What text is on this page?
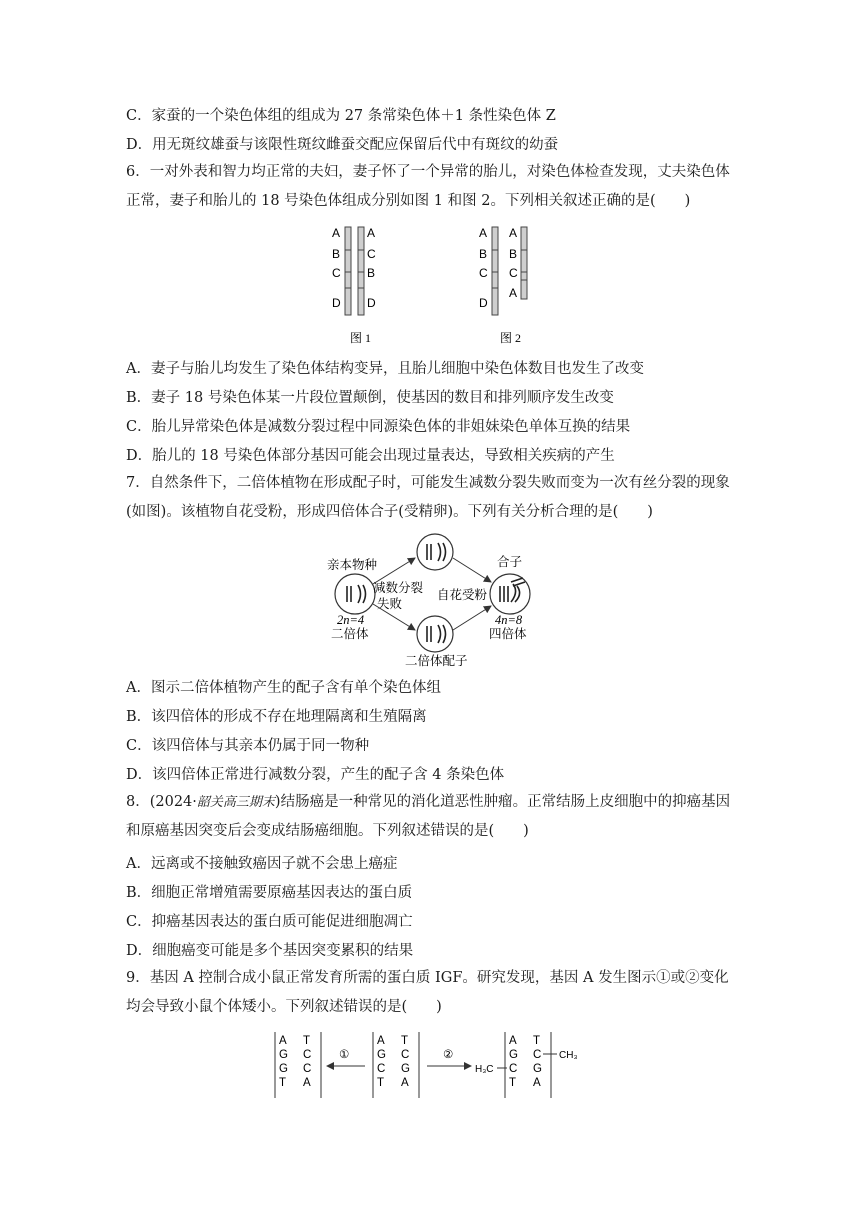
C．家蚕的一个染色体组的组成为 27 条常染色体＋1 条性染色体 Z
D．用无斑纹雄蚕与该限性斑纹雌蚕交配应保留后代中有斑纹的幼蚕
6．一对外表和智力均正常的夫妇，妻子怀了一个异常的胎儿，对染色体检查发现，丈夫染色体正常，妻子和胎儿的 18 号染色体组成分别如图 1 和图 2。下列相关叙述正确的是(　　)
A
B
C
D
A
C
B
D
图 1
A
B
C
D
A
B
C
A
图 2
A．妻子与胎儿均发生了染色体结构变异，且胎儿细胞中染色体数目也发生了改变
B．妻子 18 号染色体某一片段位置颠倒，使基因的数目和排列顺序发生改变
C．胎儿异常染色体是减数分裂过程中同源染色体的非姐妹染色单体互换的结果
D．胎儿的 18 号染色体部分基因可能会出现过量表达，导致相关疾病的产生
7．自然条件下，二倍体植物在形成配子时，可能发生减数分裂失败而变为一次有丝分裂的现象(如图)。该植物自花受粉，形成四倍体合子(受精卵)。下列有关分析合理的是(　　)
亲本物种
减数分裂
失败
2n=4
二倍体
自花受粉
合子
4n=8
四倍体
二倍体配子
A．图示二倍体植物产生的配子含有单个染色体组
B．该四倍体的形成不存在地理隔离和生殖隔离
C．该四倍体与其亲本仍属于同一物种
D．该四倍体正常进行减数分裂，产生的配子含 4 条染色体
8．(2024·韶关高三期末)结肠癌是一种常见的消化道恶性肿瘤。正常结肠上皮细胞中的抑癌基因和原癌基因突变后会变成结肠癌细胞。下列叙述错误的是(　　)
A．远离或不接触致癌因子就不会患上癌症
B．细胞正常增殖需要原癌基因表达的蛋白质
C．抑癌基因表达的蛋白质可能促进细胞凋亡
D．细胞癌变可能是多个基因突变累积的结果
9．基因 A 控制合成小鼠正常发育所需的蛋白质 IGF。研究发现，基因 A 发生图示①或②变化均会导致小鼠个体矮小。下列叙述错误的是(　　)
A
G
G
T
T
C
C
A
①
A
G
C
T
T
C
G
A
②
A
G
C
T
T
C
G
A
H₃C
CH₃
